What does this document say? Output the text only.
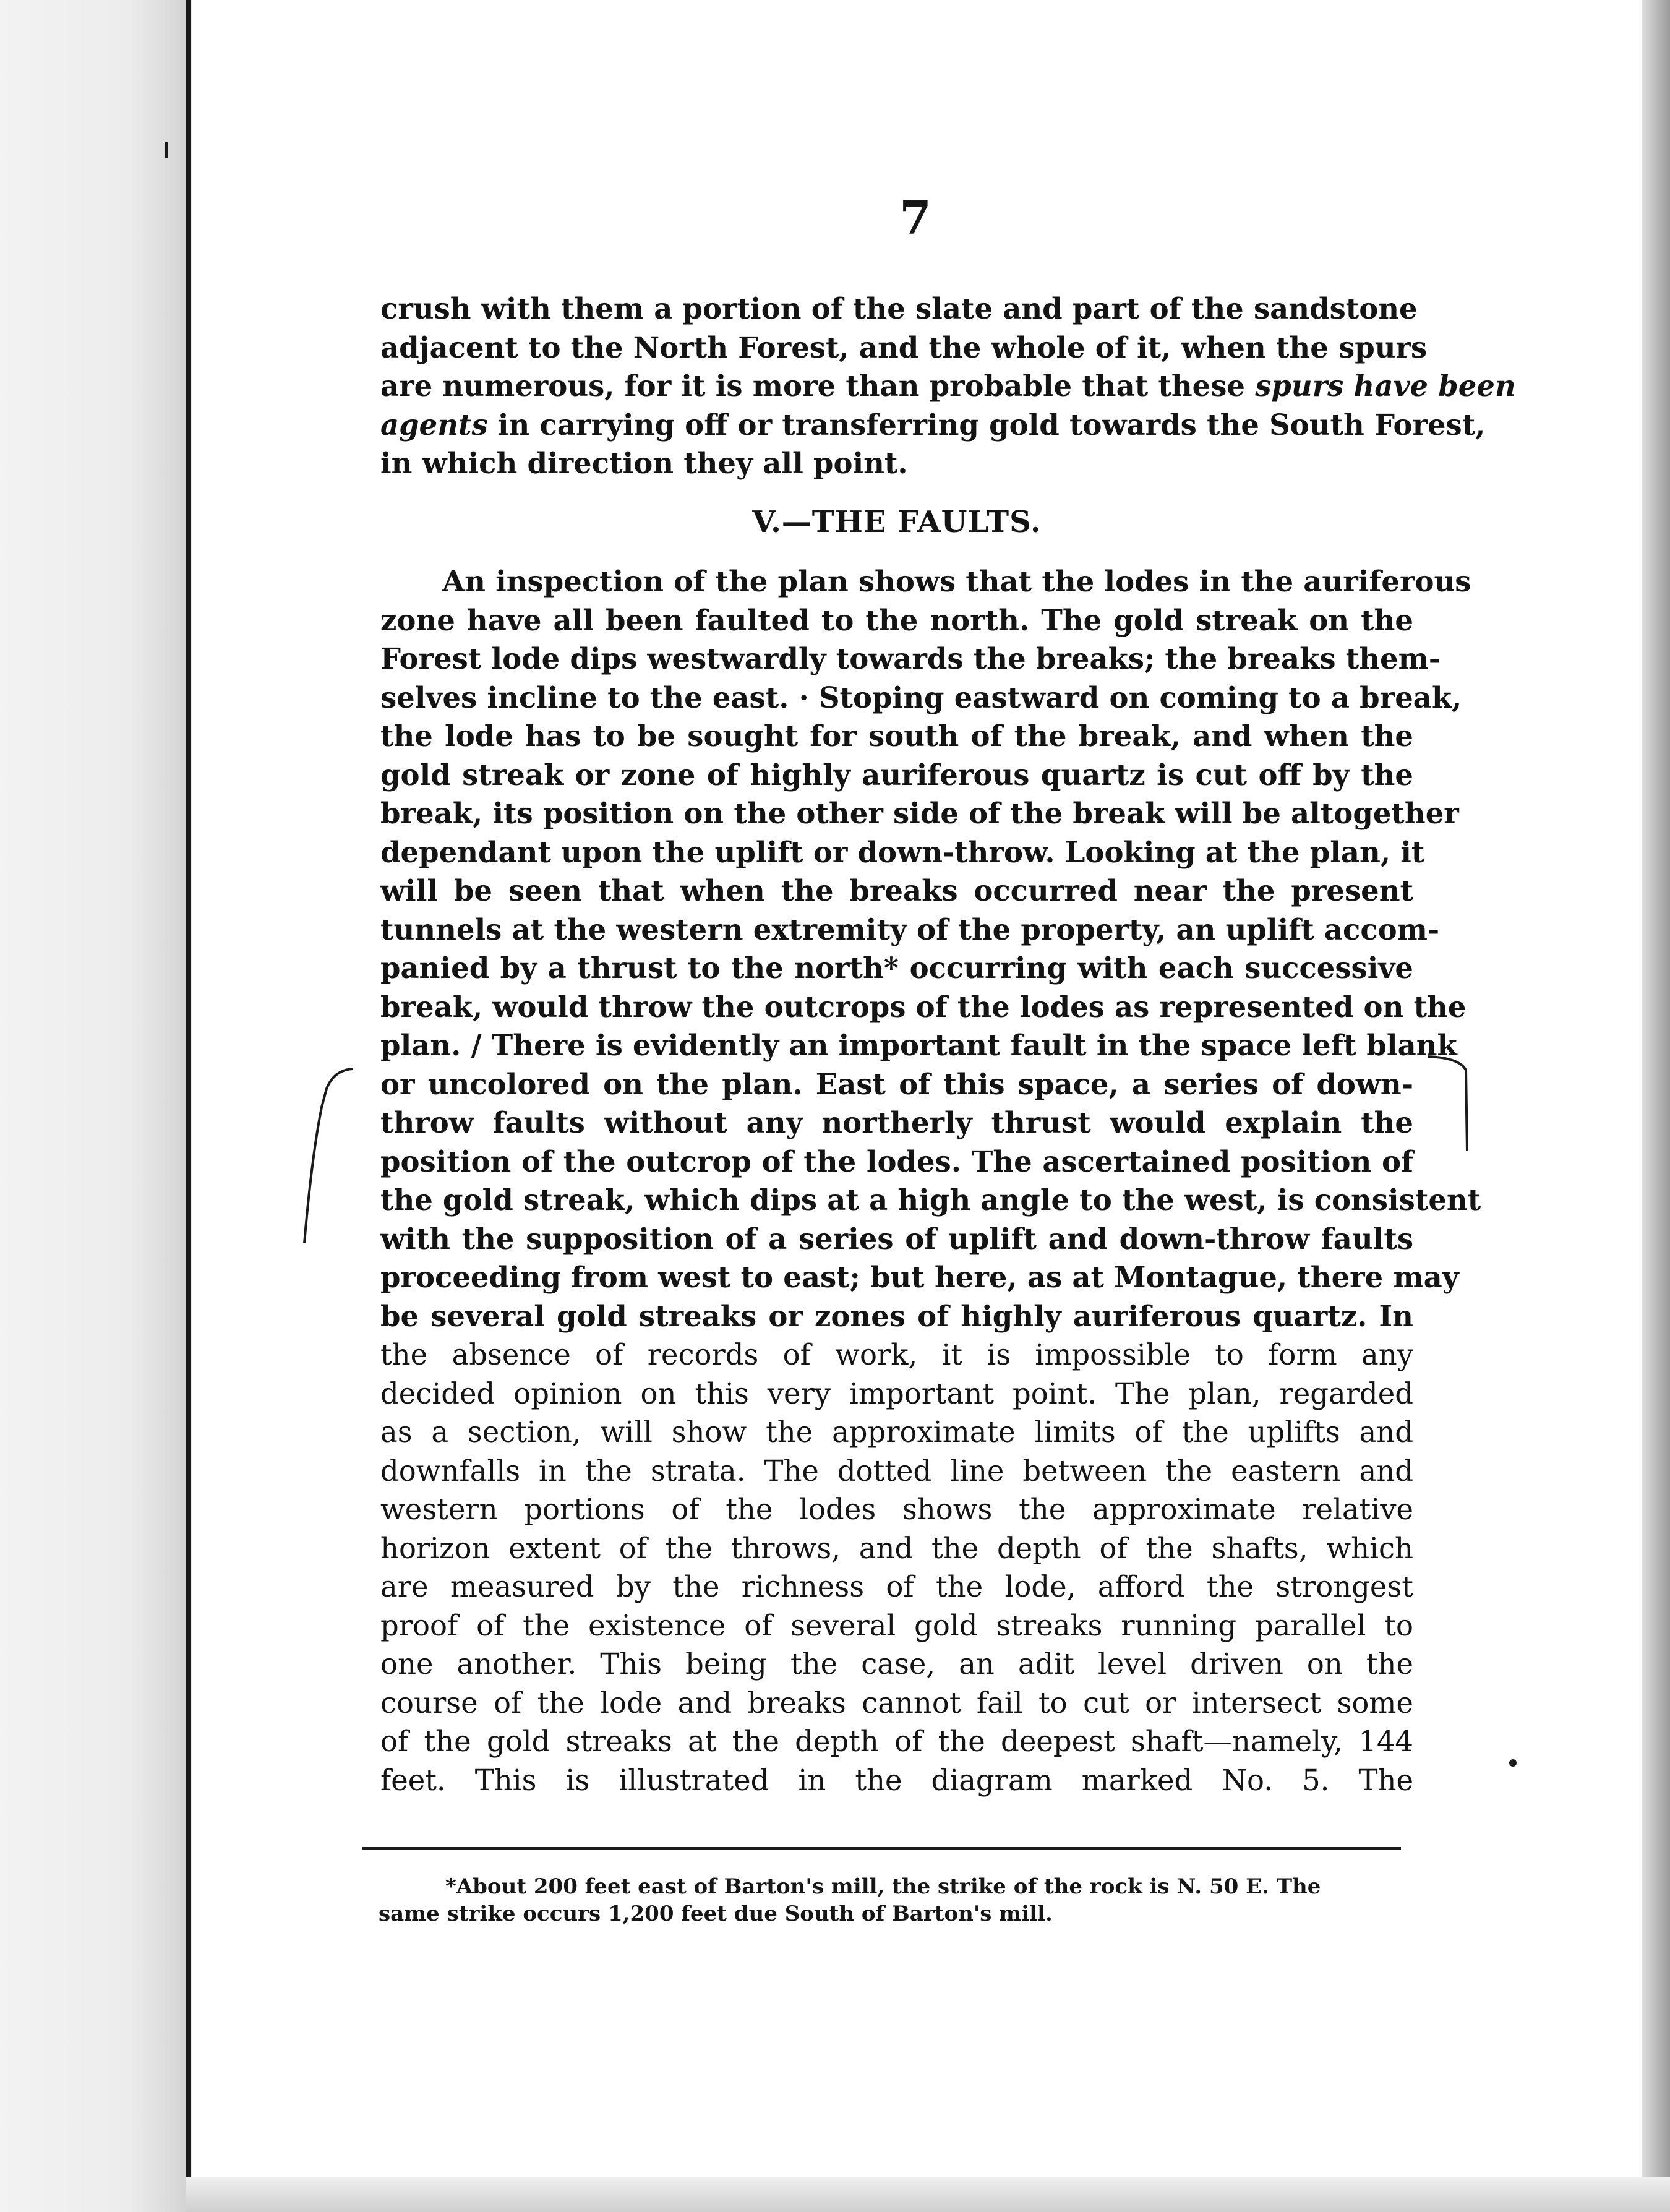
7
crush with them a portion of the slate and part of the sandstone
adjacent to the North Forest, and the whole of it, when the spurs
are numerous, for it is more than probable that these spurs have been
agents in carrying off or transferring gold towards the South Forest,
in which direction they all point.
V.—THE FAULTS.
An inspection of the plan shows that the lodes in the auriferous
zone have all been faulted to the north. The gold streak on the
Forest lode dips westwardly towards the breaks; the breaks them-
selves incline to the east. · Stoping eastward on coming to a break,
the lode has to be sought for south of the break, and when the
gold streak or zone of highly auriferous quartz is cut off by the
break, its position on the other side of the break will be altogether
dependant upon the uplift or down-throw. Looking at the plan, it
will be seen that when the breaks occurred near the present
tunnels at the western extremity of the property, an uplift accom-
panied by a thrust to the north* occurring with each successive
break, would throw the outcrops of the lodes as represented on the
plan. / There is evidently an important fault in the space left blank
or uncolored on the plan. East of this space, a series of down-
throw faults without any northerly thrust would explain the
position of the outcrop of the lodes. The ascertained position of
the gold streak, which dips at a high angle to the west, is consistent
with the supposition of a series of uplift and down-throw faults
proceeding from west to east; but here, as at Montague, there may
be several gold streaks or zones of highly auriferous quartz. In
the absence of records of work, it is impossible to form any
decided opinion on this very important point. The plan, regarded
as a section, will show the approximate limits of the uplifts and
downfalls in the strata. The dotted line between the eastern and
western portions of the lodes shows the approximate relative
horizon extent of the throws, and the depth of the shafts, which
are measured by the richness of the lode, afford the strongest
proof of the existence of several gold streaks running parallel to
one another. This being the case, an adit level driven on the
course of the lode and breaks cannot fail to cut or intersect some
of the gold streaks at the depth of the deepest shaft—namely, 144
feet. This is illustrated in the diagram marked No. 5. The
*About 200 feet east of Barton's mill, the strike of the rock is N. 50 E. The
same strike occurs 1,200 feet due South of Barton's mill.
